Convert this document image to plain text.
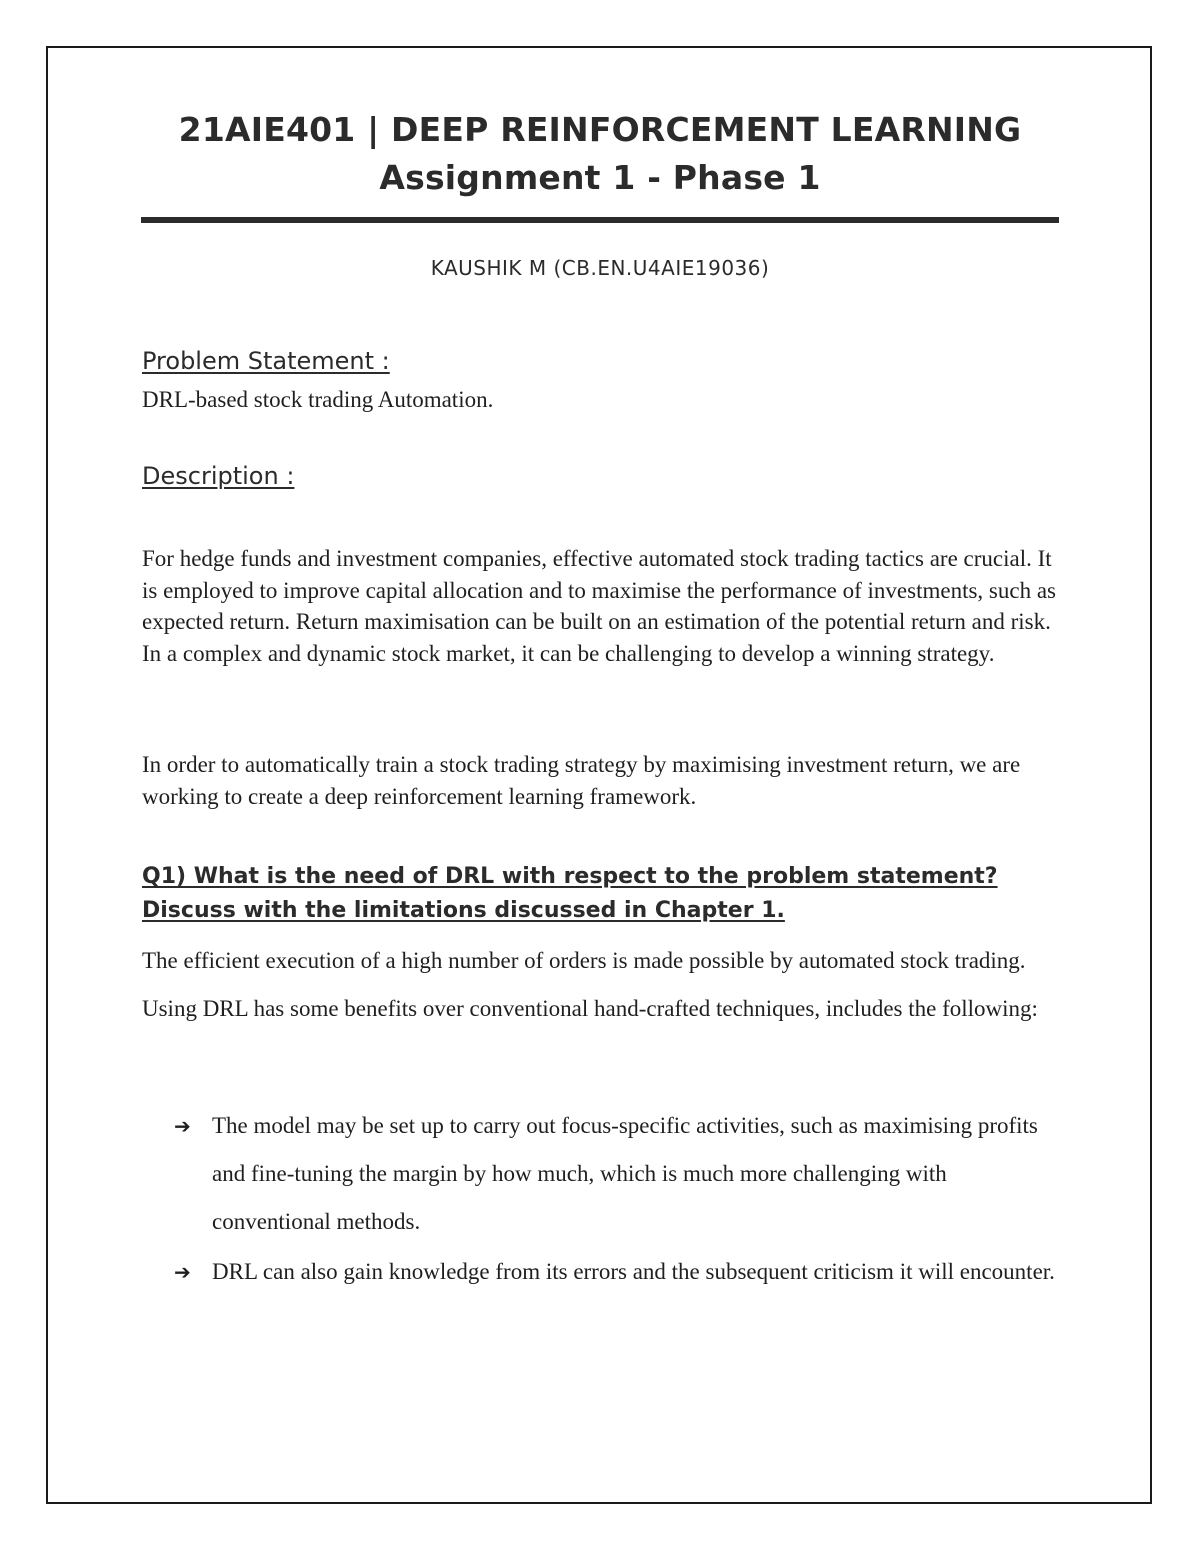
21AIE401 | DEEP REINFORCEMENT LEARNING
Assignment 1 - Phase 1
KAUSHIK M (CB.EN.U4AIE19036)
Problem Statement :
DRL-based stock trading Automation.
Description :
For hedge funds and investment companies, effective automated stock trading tactics are crucial. It is employed to improve capital allocation and to maximise the performance of investments, such as expected return. Return maximisation can be built on an estimation of the potential return and risk. In a complex and dynamic stock market, it can be challenging to develop a winning strategy.
In order to automatically train a stock trading strategy by maximising investment return, we are working to create a deep reinforcement learning framework.
Q1) What is the need of DRL with respect to the problem statement? Discuss with the limitations discussed in Chapter 1.
The efficient execution of a high number of orders is made possible by automated stock trading. Using DRL has some benefits over conventional hand-crafted techniques, includes the following:
➔ The model may be set up to carry out focus-specific activities, such as maximising profits and fine-tuning the margin by how much, which is much more challenging with conventional methods.
➔ DRL can also gain knowledge from its errors and the subsequent criticism it will encounter.
